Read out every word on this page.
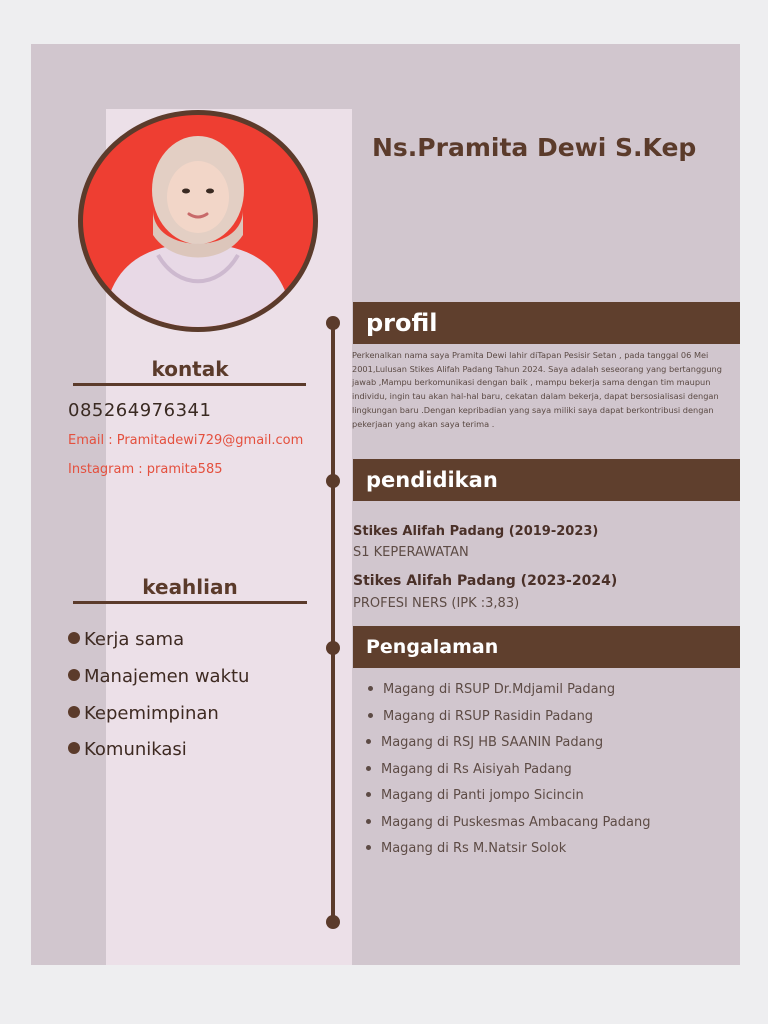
Ns.Pramita Dewi S.Kep
kontak
085264976341
Email : Pramitadewi729@gmail.com
Instagram : pramita585
keahlian
Kerja sama
Manajemen waktu
Kepemimpinan
Komunikasi
profil
Perkenalkan nama saya Pramita Dewi lahir diTapan Pesisir Setan , pada tanggal 06 Mei 2001,Lulusan Stikes Alifah Padang Tahun 2024. Saya adalah seseorang yang bertanggung jawab ,Mampu berkomunikasi dengan baik , mampu bekerja sama dengan tim maupun individu, ingin tau akan hal-hal baru, cekatan dalam bekerja, dapat bersosialisasi dengan lingkungan baru .Dengan kepribadian yang saya miliki saya dapat berkontribusi dengan pekerjaan yang akan saya terima .
pendidikan
Stikes Alifah Padang (2019-2023)
S1 KEPERAWATAN
Stikes Alifah Padang (2023-2024)
PROFESI NERS (IPK :3,83)
Pengalaman
Magang di RSUP Dr.Mdjamil Padang
Magang di RSUP Rasidin Padang
Magang di RSJ HB SAANIN Padang
Magang di Rs Aisiyah Padang
Magang di Panti jompo Sicincin
Magang di Puskesmas Ambacang Padang
Magang di Rs M.Natsir Solok
